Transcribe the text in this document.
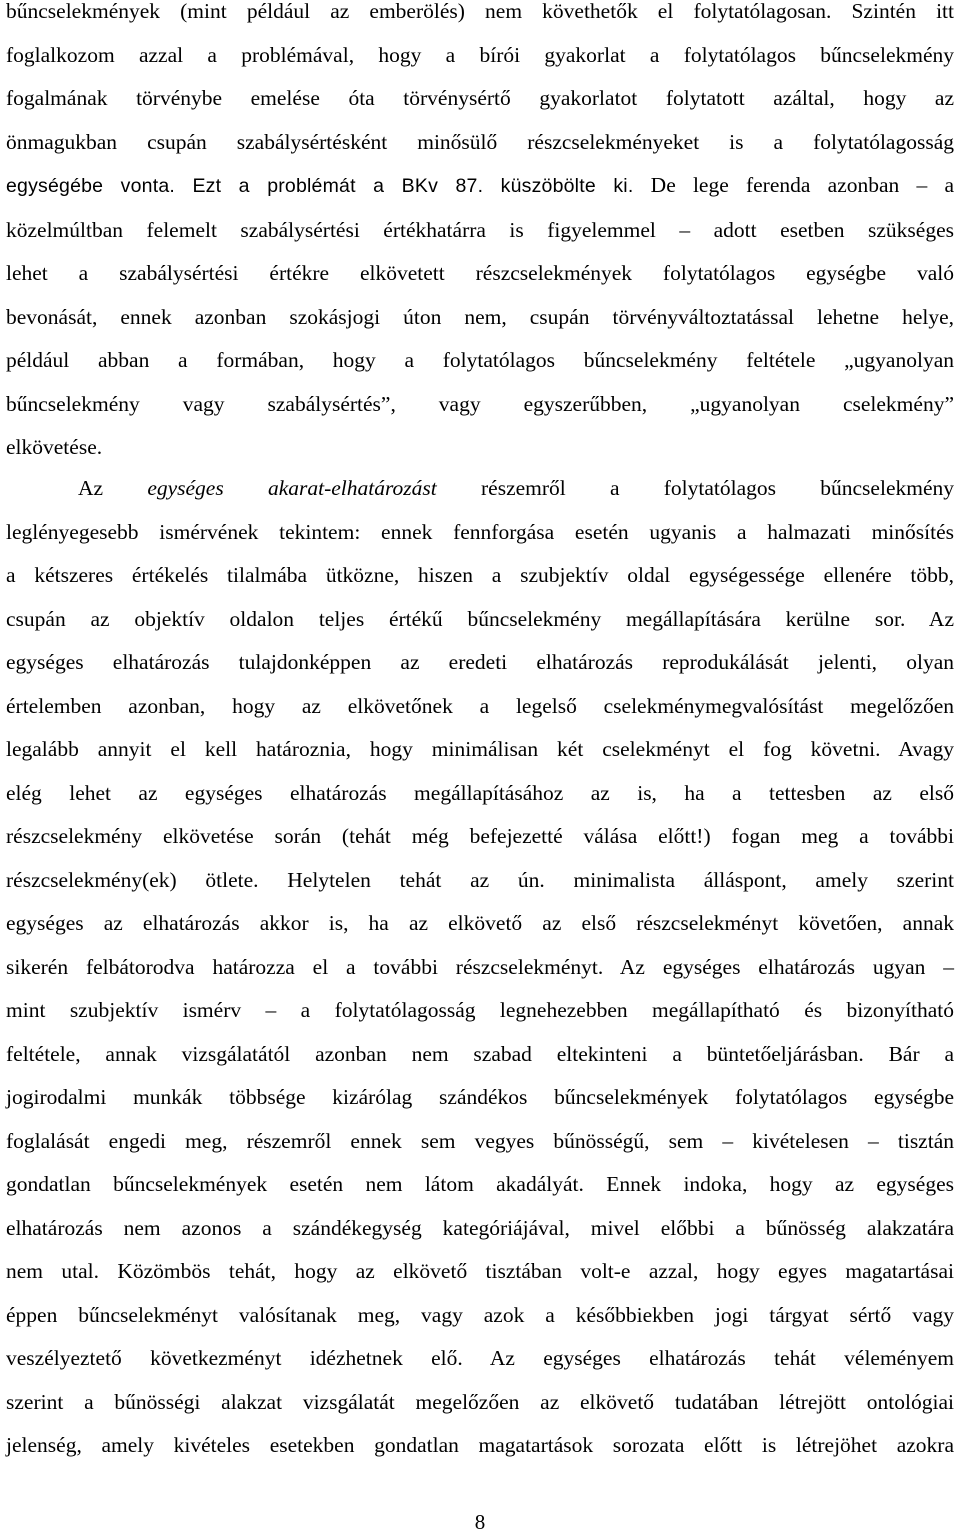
bűncselekmények (mint például az emberölés) nem követhetők el folytatólagosan. Szintén itt
foglalkozom azzal a problémával, hogy a bírói gyakorlat a folytatólagos bűncselekmény
fogalmának törvénybe emelése óta törvénysértő gyakorlatot folytatott azáltal, hogy az
önmagukban csupán szabálysértésként minősülő részcselekményeket is a folytatólagosság
egységébe vonta. Ezt a problémát a BKv 87. küszöbölte ki. De lege ferenda azonban – a
közelmúltban felemelt szabálysértési értékhatárra is figyelemmel – adott esetben szükséges
lehet a szabálysértési értékre elkövetett részcselekmények folytatólagos egységbe való
bevonását, ennek azonban szokásjogi úton nem, csupán törvényváltoztatással lehetne helye,
például abban a formában, hogy a folytatólagos bűncselekmény feltétele „ugyanolyan
bűncselekmény vagy szabálysértés”, vagy egyszerűbben, „ugyanolyan cselekmény”
elkövetése.
Az egységes akarat-elhatározást részemről a folytatólagos bűncselekmény
leglényegesebb ismérvének tekintem: ennek fennforgása esetén ugyanis a halmazati minősítés
a kétszeres értékelés tilalmába ütközne, hiszen a szubjektív oldal egységessége ellenére több,
csupán az objektív oldalon teljes értékű bűncselekmény megállapítására kerülne sor. Az
egységes elhatározás tulajdonképpen az eredeti elhatározás reprodukálását jelenti, olyan
értelemben azonban, hogy az elkövetőnek a legelső cselekménymegvalósítást megelőzően
legalább annyit el kell határoznia, hogy minimálisan két cselekményt el fog követni. Avagy
elég lehet az egységes elhatározás megállapításához az is, ha a tettesben az első
részcselekmény elkövetése során (tehát még befejezetté válása előtt!) fogan meg a további
részcselekmény(ek) ötlete. Helytelen tehát az ún. minimalista álláspont, amely szerint
egységes az elhatározás akkor is, ha az elkövető az első részcselekményt követően, annak
sikerén felbátorodva határozza el a további részcselekményt. Az egységes elhatározás ugyan –
mint szubjektív ismérv – a folytatólagosság legnehezebben megállapítható és bizonyítható
feltétele, annak vizsgálatától azonban nem szabad eltekinteni a büntetőeljárásban. Bár a
jogirodalmi munkák többsége kizárólag szándékos bűncselekmények folytatólagos egységbe
foglalását engedi meg, részemről ennek sem vegyes bűnösségű, sem – kivételesen – tisztán
gondatlan bűncselekmények esetén nem látom akadályát. Ennek indoka, hogy az egységes
elhatározás nem azonos a szándékegység kategóriájával, mivel előbbi a bűnösség alakzatára
nem utal. Közömbös tehát, hogy az elkövető tisztában volt-e azzal, hogy egyes magatartásai
éppen bűncselekményt valósítanak meg, vagy azok a későbbiekben jogi tárgyat sértő vagy
veszélyeztető következményt idézhetnek elő. Az egységes elhatározás tehát véleményem
szerint a bűnösségi alakzat vizsgálatát megelőzően az elkövető tudatában létrejött ontológiai
jelenség, amely kivételes esetekben gondatlan magatartások sorozata előtt is létrejöhet azokra
8
